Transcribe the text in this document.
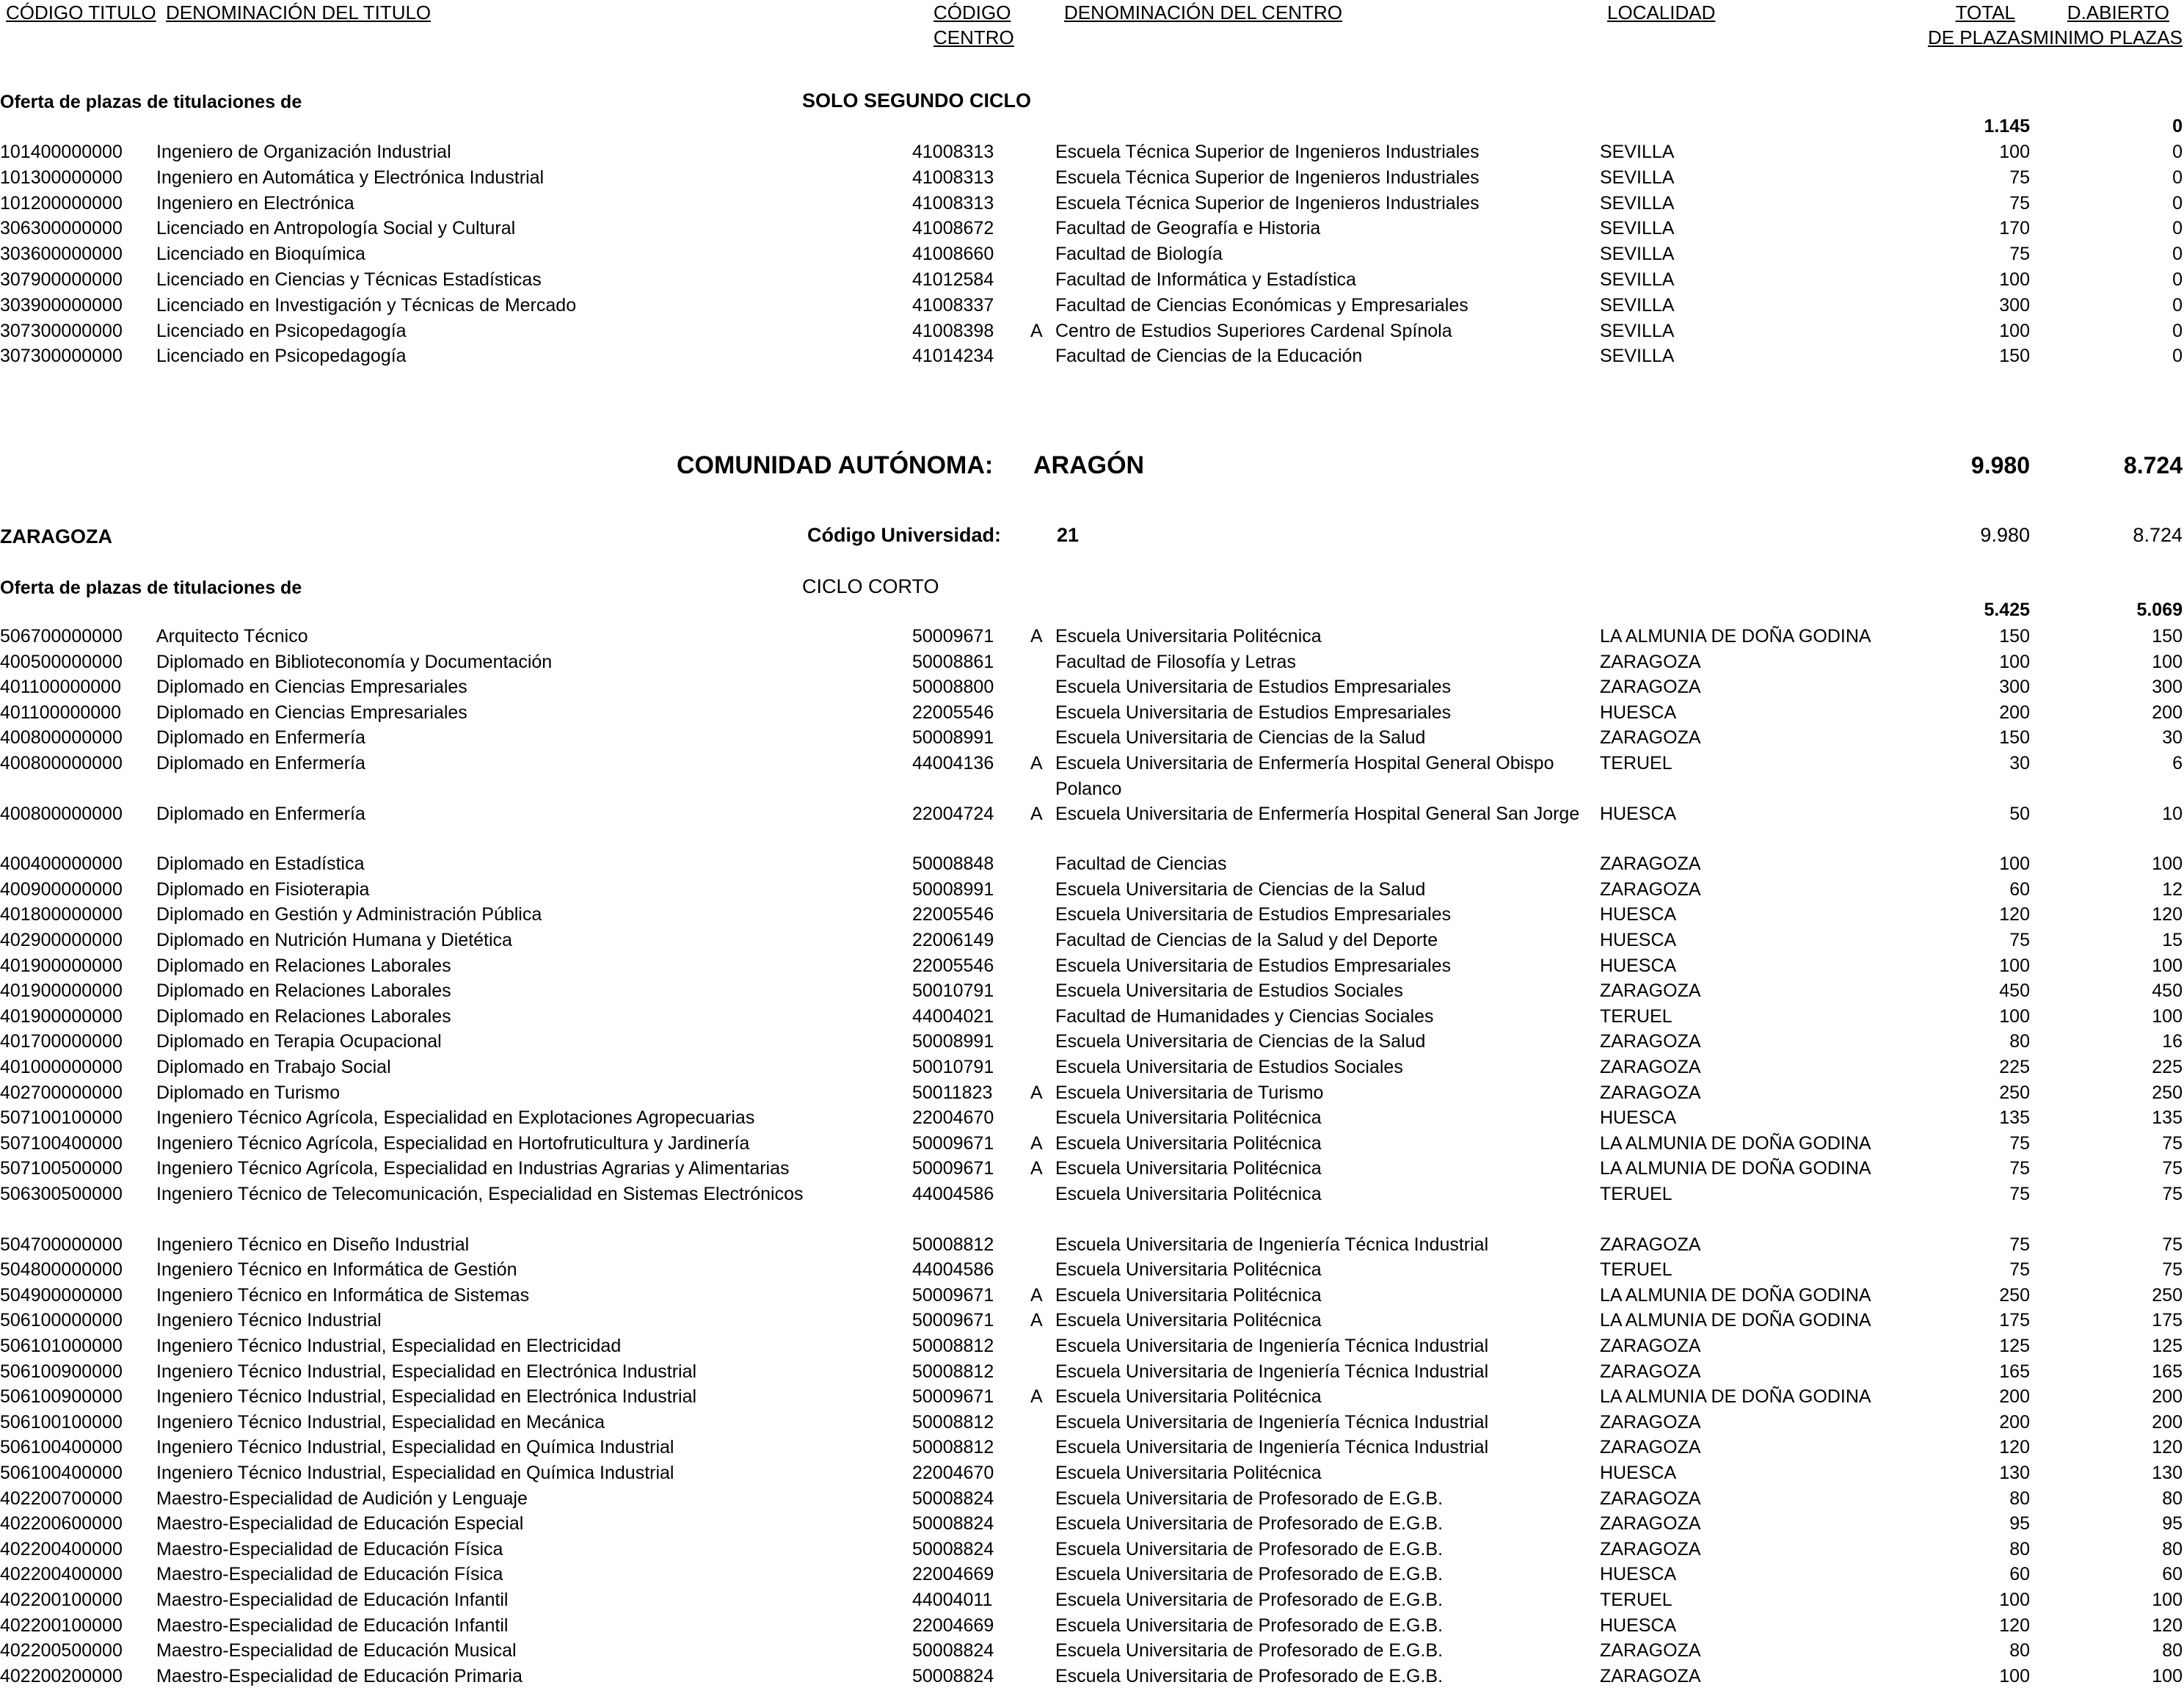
CÓDIGO TITULO DENOMINACIÓN DEL TITULO	CÓDIGO
CENTRO
DENOMINACIÓN DEL CENTRO	LOCALIDAD	TOTAL
DE PLAZAS
D.ABIERTO
MINIMO PLAZAS
Oferta de plazas de titulaciones de	SOLO SEGUNDO CICLO
1.145	0
101400000000 Ingeniero de Organización Industrial	41008313	Escuela Técnica Superior de Ingenieros Industriales	SEVILLA	100	0
101300000000 Ingeniero en Automática y Electrónica Industrial	41008313	Escuela Técnica Superior de Ingenieros Industriales	SEVILLA	75	0
101200000000 Ingeniero en Electrónica	41008313	Escuela Técnica Superior de Ingenieros Industriales	SEVILLA	75	0
306300000000 Licenciado en Antropología Social y Cultural	41008672	Facultad de Geografía e Historia	SEVILLA	170	0
303600000000 Licenciado en Bioquímica	41008660	Facultad de Biología	SEVILLA	75	0
307900000000 Licenciado en Ciencias y Técnicas Estadísticas	41012584	Facultad de Informática y Estadística	SEVILLA	100	0
303900000000 Licenciado en Investigación y Técnicas de Mercado	41008337	Facultad de Ciencias Económicas y Empresariales	SEVILLA	300	0
307300000000 Licenciado en Psicopedagogía	41008398 A Centro de Estudios Superiores Cardenal Spínola	SEVILLA	100	0
307300000000 Licenciado en Psicopedagogía	41014234	Facultad de Ciencias de la Educación	SEVILLA	150	0
COMUNIDAD AUTÓNOMA: ARAGÓN	9.980	8.724
ZARAGOZA	Código Universidad:	21	9.980	8.724
Oferta de plazas de titulaciones de	CICLO CORTO
5.425	5.069
506700000000 Arquitecto Técnico	50009671 A Escuela Universitaria Politécnica	LA ALMUNIA DE DOÑA GODINA	150	150
400500000000 Diplomado en Biblioteconomía y Documentación	50008861	Facultad de Filosofía y Letras	ZARAGOZA	100	100
401100000000 Diplomado en Ciencias Empresariales	50008800	Escuela Universitaria de Estudios Empresariales	ZARAGOZA	300	300
401100000000 Diplomado en Ciencias Empresariales	22005546	Escuela Universitaria de Estudios Empresariales	HUESCA	200	200
400800000000 Diplomado en Enfermería	50008991	Escuela Universitaria de Ciencias de la Salud	ZARAGOZA	150	30
400800000000 Diplomado en Enfermería	44004136 A Escuela Universitaria de Enfermería Hospital General Obispo Polanco
TERUEL	30	6
400800000000 Diplomado en Enfermería	22004724 A Escuela Universitaria de Enfermería Hospital General San Jorge	HUESCA	50	10
400400000000 Diplomado en Estadística	50008848	Facultad de Ciencias	ZARAGOZA	100	100
400900000000 Diplomado en Fisioterapia	50008991	Escuela Universitaria de Ciencias de la Salud	ZARAGOZA	60	12
401800000000 Diplomado en Gestión y Administración Pública	22005546	Escuela Universitaria de Estudios Empresariales	HUESCA	120	120
402900000000 Diplomado en Nutrición Humana y Dietética	22006149	Facultad de Ciencias de la Salud y del Deporte	HUESCA	75	15
401900000000 Diplomado en Relaciones Laborales	22005546	Escuela Universitaria de Estudios Empresariales	HUESCA	100	100
401900000000 Diplomado en Relaciones Laborales	50010791	Escuela Universitaria de Estudios Sociales	ZARAGOZA	450	450
401900000000 Diplomado en Relaciones Laborales	44004021	Facultad de Humanidades y Ciencias Sociales	TERUEL	100	100
401700000000 Diplomado en Terapia Ocupacional	50008991	Escuela Universitaria de Ciencias de la Salud	ZARAGOZA	80	16
401000000000 Diplomado en Trabajo Social	50010791	Escuela Universitaria de Estudios Sociales	ZARAGOZA	225	225
402700000000 Diplomado en Turismo	50011823 A Escuela Universitaria de Turismo	ZARAGOZA	250	250
507100100000 Ingeniero Técnico Agrícola, Especialidad en Explotaciones Agropecuarias	22004670	Escuela Universitaria Politécnica	HUESCA	135	135
507100400000 Ingeniero Técnico Agrícola, Especialidad en Hortofruticultura y Jardinería	50009671 A Escuela Universitaria Politécnica	LA ALMUNIA DE DOÑA GODINA	75	75
507100500000 Ingeniero Técnico Agrícola, Especialidad en Industrias Agrarias y Alimentarias	50009671 A Escuela Universitaria Politécnica	LA ALMUNIA DE DOÑA GODINA	75	75
506300500000 Ingeniero Técnico de Telecomunicación, Especialidad en Sistemas Electrónicos	44004586	Escuela Universitaria Politécnica	TERUEL	75	75
504700000000 Ingeniero Técnico en Diseño Industrial	50008812	Escuela Universitaria de Ingeniería Técnica Industrial	ZARAGOZA	75	75
504800000000 Ingeniero Técnico en Informática de Gestión	44004586	Escuela Universitaria Politécnica	TERUEL	75	75
504900000000 Ingeniero Técnico en Informática de Sistemas	50009671 A Escuela Universitaria Politécnica	LA ALMUNIA DE DOÑA GODINA	250	250
506100000000 Ingeniero Técnico Industrial	50009671 A Escuela Universitaria Politécnica	LA ALMUNIA DE DOÑA GODINA	175	175
506101000000 Ingeniero Técnico Industrial, Especialidad en Electricidad	50008812	Escuela Universitaria de Ingeniería Técnica Industrial	ZARAGOZA	125	125
506100900000 Ingeniero Técnico Industrial, Especialidad en Electrónica Industrial	50008812	Escuela Universitaria de Ingeniería Técnica Industrial	ZARAGOZA	165	165
506100900000 Ingeniero Técnico Industrial, Especialidad en Electrónica Industrial	50009671 A Escuela Universitaria Politécnica	LA ALMUNIA DE DOÑA GODINA	200	200
506100100000 Ingeniero Técnico Industrial, Especialidad en Mecánica	50008812	Escuela Universitaria de Ingeniería Técnica Industrial	ZARAGOZA	200	200
506100400000 Ingeniero Técnico Industrial, Especialidad en Química Industrial	50008812	Escuela Universitaria de Ingeniería Técnica Industrial	ZARAGOZA	120	120
506100400000 Ingeniero Técnico Industrial, Especialidad en Química Industrial	22004670	Escuela Universitaria Politécnica	HUESCA	130	130
402200700000 Maestro-Especialidad de Audición y Lenguaje	50008824	Escuela Universitaria de Profesorado de E.G.B.	ZARAGOZA	80	80
402200600000 Maestro-Especialidad de Educación Especial	50008824	Escuela Universitaria de Profesorado de E.G.B.	ZARAGOZA	95	95
402200400000 Maestro-Especialidad de Educación Física	50008824	Escuela Universitaria de Profesorado de E.G.B.	ZARAGOZA	80	80
402200400000 Maestro-Especialidad de Educación Física	22004669	Escuela Universitaria de Profesorado de E.G.B.	HUESCA	60	60
402200100000 Maestro-Especialidad de Educación Infantil	44004011	Escuela Universitaria de Profesorado de E.G.B.	TERUEL	100	100
402200100000 Maestro-Especialidad de Educación Infantil	22004669	Escuela Universitaria de Profesorado de E.G.B.	HUESCA	120	120
402200500000 Maestro-Especialidad de Educación Musical	50008824	Escuela Universitaria de Profesorado de E.G.B.	ZARAGOZA	80	80
402200200000 Maestro-Especialidad de Educación Primaria	50008824	Escuela Universitaria de Profesorado de E.G.B.	ZARAGOZA	100	100
